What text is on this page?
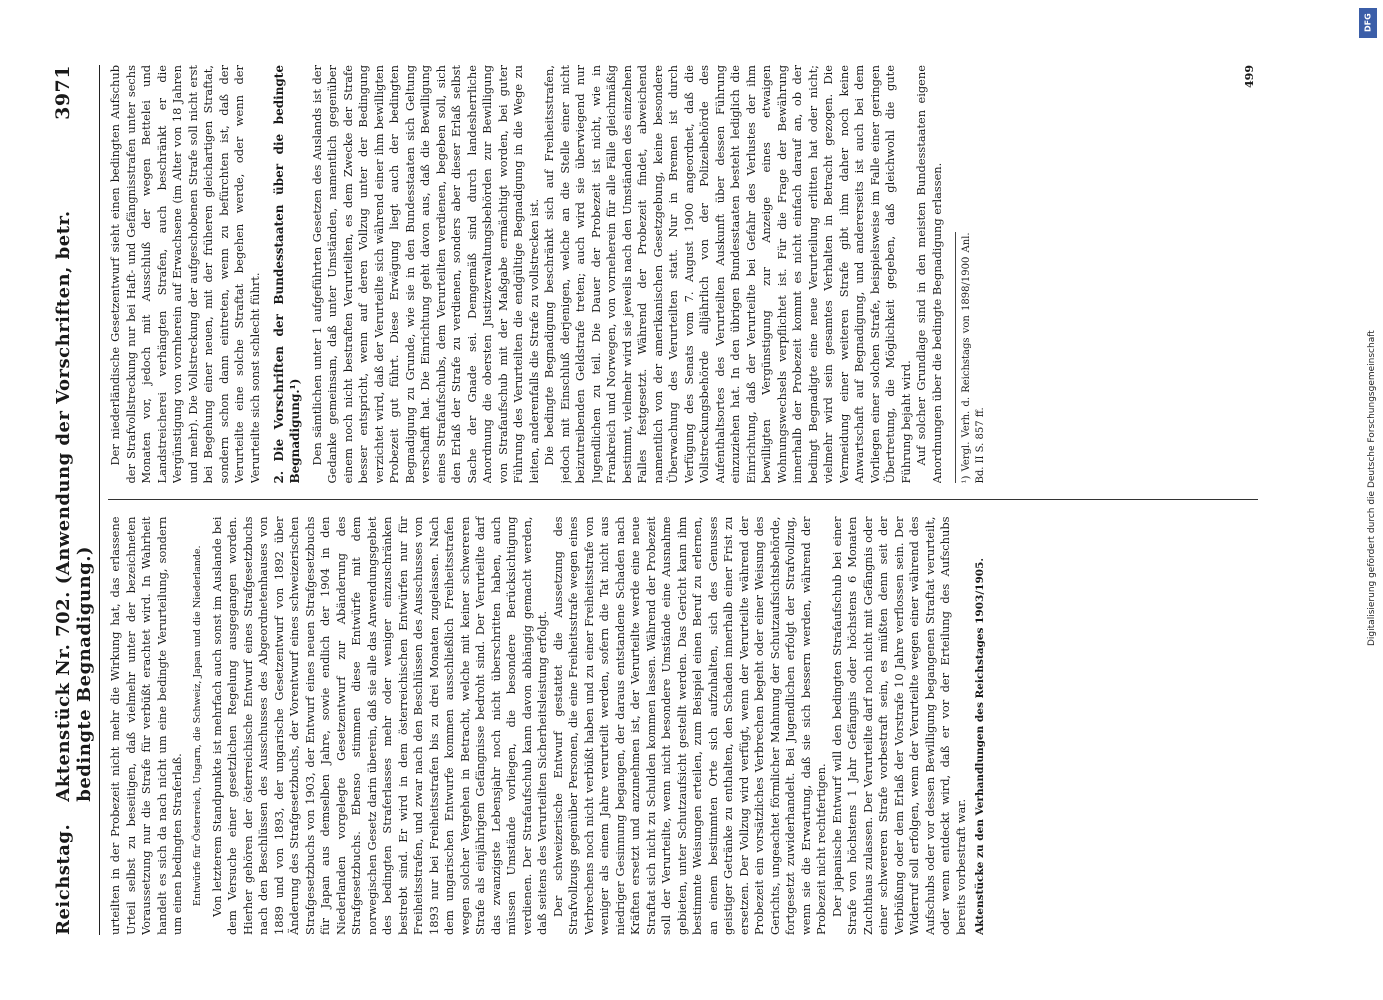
Reichstag.
Aktenstück Nr. 702. (Anwendung der Vorschriften, betr. bedingte Begnadigung.)
3971

urteilten in der Probezeit nicht mehr die Wirkung hat, das erlassene Urteil selbst zu beseitigen, daß vielmehr unter der bezeichneten Voraussetzung nur die Strafe für verbüßt erachtet wird. In Wahrheit handelt es sich da nach nicht um eine bedingte Verurteilung, sondern um einen bedingten Straferlaß. Entwürfe für Österreich, Ungarn, die Schweiz, Japan und die Niederlande. Von letzterem Standpunkte ist mehrfach auch sonst im Auslande bei dem Versuche einer gesetzlichen Regelung ausgegangen worden. Hierher gehören der österreichische Entwurf eines Strafgesetzbuchs nach den Beschlüssen des Ausschusses des Abgeordnetenhauses von 1889 und von 1893, der ungarische Gesetzentwurf von 1892 über Änderung des Strafgesetzbuchs, der Vorentwurf eines schweizerischen Strafgesetzbuchs von 1903, der Entwurf eines neuen Strafgesetzbuchs für Japan aus demselben Jahre, sowie endlich der 1904 in den Niederlanden vorgelegte Gesetzentwurf zur Abänderung des Strafgesetzbuchs. Ebenso stimmen diese Entwürfe mit dem norwegischen Gesetz darin überein, daß sie alle das Anwendungsgebiet des bedingten Straferlasses mehr oder weniger einzuschränken bestrebt sind. Er wird in dem österreichischen Entwürfen nur für Freiheitsstrafen, und zwar nach den Beschlüssen des Ausschusses von 1893 nur bei Freiheitsstrafen bis zu drei Monaten zugelassen. Nach dem ungarischen Entwurfe kommen ausschließlich Freiheitsstrafen wegen solcher Vergehen in Betracht, welche mit keiner schwereren Strafe als einjährigem Gefängnisse bedroht sind. Der Verurteilte darf das zwanzigste Lebensjahr noch nicht überschritten haben, auch müssen Umstände vorliegen, die besondere Berücksichtigung verdienen. Der Strafaufschub kann davon abhängig gemacht werden, daß seitens des Verurteilten Sicherheitsleistung erfolgt. Der schweizerische Entwurf gestattet die Aussetzung des Strafvollzugs gegenüber Personen, die eine Freiheitsstrafe wegen eines Verbrechens noch nicht verbüßt haben und zu einer Freiheitsstrafe von weniger als einem Jahre verurteilt werden, sofern die Tat nicht aus niedriger Gesinnung begangen, der daraus entstandene Schaden nach Kräften ersetzt und anzunehmen ist, der Verurteilte werde eine neue Straftat sich nicht zu Schulden kommen lassen. Während der Probezeit soll der Verurteilte, wenn nicht besondere Umstände eine Ausnahme gebieten, unter Schutzaufsicht gestellt werden. Das Gericht kann ihm bestimmte Weisungen erteilen, zum Beispiel einen Beruf zu erlernen, an einem bestimmten Orte sich aufzuhalten, sich des Genusses geistiger Getränke zu enthalten, den Schaden innerhalb einer Frist zu ersetzen. Der Vollzug wird verfügt, wenn der Verurteilte während der Probezeit ein vorsätzliches Verbrechen begeht oder einer Weisung des Gerichts, ungeachtet förmlicher Mahnung der Schutzaufsichtsbehörde, fortgesetzt zuwiderhandelt. Bei Jugendlichen erfolgt der Strafvollzug, wenn sie die Erwartung, daß sie sich bessern werden, während der Probezeit nicht rechtfertigen. Der japanische Entwurf will den bedingten Strafaufschub bei einer Strafe von höchstens 1 Jahr Gefängnis oder höchstens 6 Monaten Zuchthaus zulassen. Der Verurteilte darf noch nicht mit Gefängnis oder einer schwereren Strafe vorbestraft sein, es müßten denn seit der Verbüßung oder dem Erlaß der Vorstrafe 10 Jahre verflossen sein. Der Widerruf soll erfolgen, wenn der Verurteilte wegen einer während des Aufschubs oder vor dessen Bewilligung begangenen Straftat verurteilt, oder wenn entdeckt wird, daß er vor der Erteilung des Aufschubs bereits vorbestraft war. Aktenstücke zu den Verhandlungen des Reichstages 1903/1905.

Der niederländische Gesetzentwurf sieht einen bedingten Aufschub der Strafvollstreckung nur bei Haft- und Gefängnisstrafen unter sechs Monaten vor, jedoch mit Ausschluß der wegen Bettelei und Landstreicherei verhängten Strafen, auch beschränkt er die Vergünstigung von vornherein auf Erwachsene (im Alter von 18 Jahren und mehr). Die Vollstreckung der aufgeschobenen Strafe soll nicht erst bei Begehung einer neuen, mit der früheren gleichartigen Straftat, sondern schon dann eintreten, wenn zu befürchten ist, daß der Verurteilte eine solche Straftat begehen werde, oder wenn der Verurteilte sich sonst schlecht führt. 2. Die Vorschriften der Bundesstaaten über die bedingte Begnadigung.¹) Den sämtlichen unter 1 aufgeführten Gesetzen des Auslands ist der Gedanke gemeinsam, daß unter Umständen, namentlich gegenüber einem noch nicht bestraften Verurteilten, es dem Zwecke der Strafe besser entspricht, wenn auf deren Vollzug unter der Bedingung verzichtet wird, daß der Verurteilte sich während einer ihm bewilligten Probezeit gut führt. Diese Erwägung liegt auch der bedingten Begnadigung zu Grunde, wie sie in den Bundesstaaten sich Geltung verschafft hat. Die Einrichtung geht davon aus, daß die Bewilligung eines Strafaufschubs, dem Verurteilten verdienen, begeben soll, sich den Erlaß der Strafe zu verdienen, sonders aber dieser Erlaß selbst Sache der Gnade sei. Demgemäß sind durch landesherrliche Anordnung die obersten Justizverwaltungsbehörden zur Bewilligung von Strafaufschub mit der Maßgabe ermächtigt worden, bei guter Führung des Verurteilten die endgültige Begnadigung in die Wege zu leiten, anderenfalls die Strafe zu vollstrecken ist. Die bedingte Begnadigung beschränkt sich auf Freiheitsstrafen, jedoch mit Einschluß derjenigen, welche an die Stelle einer nicht beizutreibenden Geldstrafe treten; auch wird sie überwiegend nur Jugendlichen zu teil. Die Dauer der Probezeit ist nicht, wie in Frankreich und Norwegen, von vorneherein für alle Fälle gleichmäßig bestimmt, vielmehr wird sie jeweils nach den Umständen des einzelnen Falles festgesetzt. Während der Probezeit findet, abweichend namentlich von der amerikanischen Gesetzgebung, keine besondere Überwachung des Verurteilten statt. Nur in Bremen ist durch Verfügung des Senats vom 7. August 1900 angeordnet, daß die Vollstreckungsbehörde alljährlich von der Polizeibehörde des Aufenthaltsortes des Verurteilten Auskunft über dessen Führung einzuziehen hat. In den übrigen Bundesstaaten besteht lediglich die Einrichtung, daß der Verurteilte bei Gefahr des Verlustes der ihm bewilligten Vergünstigung zur Anzeige eines etwaigen Wohnungswechsels verpflichtet ist. Für die Frage der Bewährung innerhalb der Probezeit kommt es nicht einfach darauf an, ob der bedingt Begnadigte eine neue Verurteilung erlitten hat oder nicht; vielmehr wird sein gesamtes Verhalten in Betracht gezogen. Die Vermeidung einer weiteren Strafe gibt ihm daher noch keine Anwartschaft auf Begnadigung, und andererseits ist auch bei dem Vorliegen einer solchen Strafe, beispielsweise im Falle einer geringen Übertretung, die Möglichkeit gegeben, daß gleichwohl die gute Führung bejaht wird. Auf solcher Grundlage sind in den meisten Bundesstaaten eigene Anordnungen über die bedingte Begnadigung erlassen.	¹) Vergl. Verh. d. Reichstags von 1898/1900 Anl. Bd. II S. 857 ff.
499
DFG
Digitalisierung gefördert durch die Deutsche Forschungsgemeinschaft
